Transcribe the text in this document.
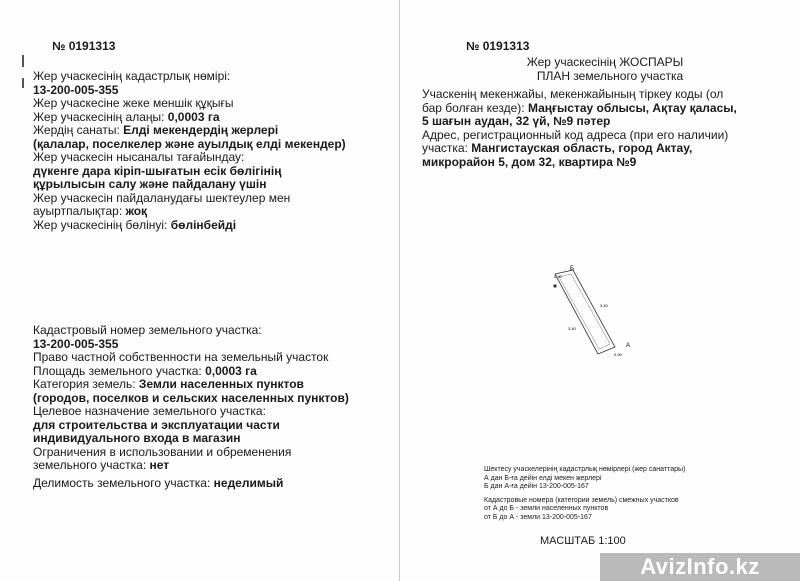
№ 0191313
Жер учаскесінің кадастрлық нөмірі:
13-200-005-355
Жер учаскесіне жеке меншік құқығы
Жер учаскесінің алаңы: 0,0003 га
Жердің санаты: Елді мекендердің жерлері
(қалалар, поселкелер және ауылдық елді мекендер)
Жер учаскесін нысаналы тағайындау:
дүкенге дара кіріп-шығатын есік бөлігінің
құрылысын салу және пайдалану үшін
Жер учаскесін пайдаланудағы шектеулер мен
ауыртпалықтар: жоқ
Жер учаскесінің бөлінуі: бөлінбейді
Кадастровый номер земельного участка:
13-200-005-355
Право частной собственности на земельный участок
Площадь земельного участка: 0,0003 га
Категория земель: Земли населенных пунктов
(городов, поселков и сельских населенных пунктов)
Целевое назначение земельного участка:
для строительства и эксплуатации части
индивидуального входа в магазин
Ограничения в использовании и обременения
земельного участка: нет
Делимость земельного участка: неделимый
№ 0191313
Жер учаскесінің ЖОСПАРЫ
ПЛАН земельного участка
Учаскенің мекенжайы, мекенжайының тіркеу коды (ол
бар болған кезде): Маңғыстау облысы, Ақтау қаласы,
5 шағын аудан, 32 үй, №9 пәтер
Адрес, регистрационный код адреса (при его наличии)
участка: Мангистауская область, город Актау,
микрорайон 5, дом 32, квартира №9
Шектесу учаскелерінің кадастрлық нөмірлері (жер санаттары)
А дан Б-ға дейін елді мекен жерлері
Б дан А-ға дейін 13-200-005-167
Кадастровые номера (категории земель) смежных участков
от А до Б - земли населенных пунктов
от Б до А - земли 13-200-005-167
МАСШТАБ 1:100
Б
А
0.90
3.40
3.40
0.90
AvizInfo.kz
